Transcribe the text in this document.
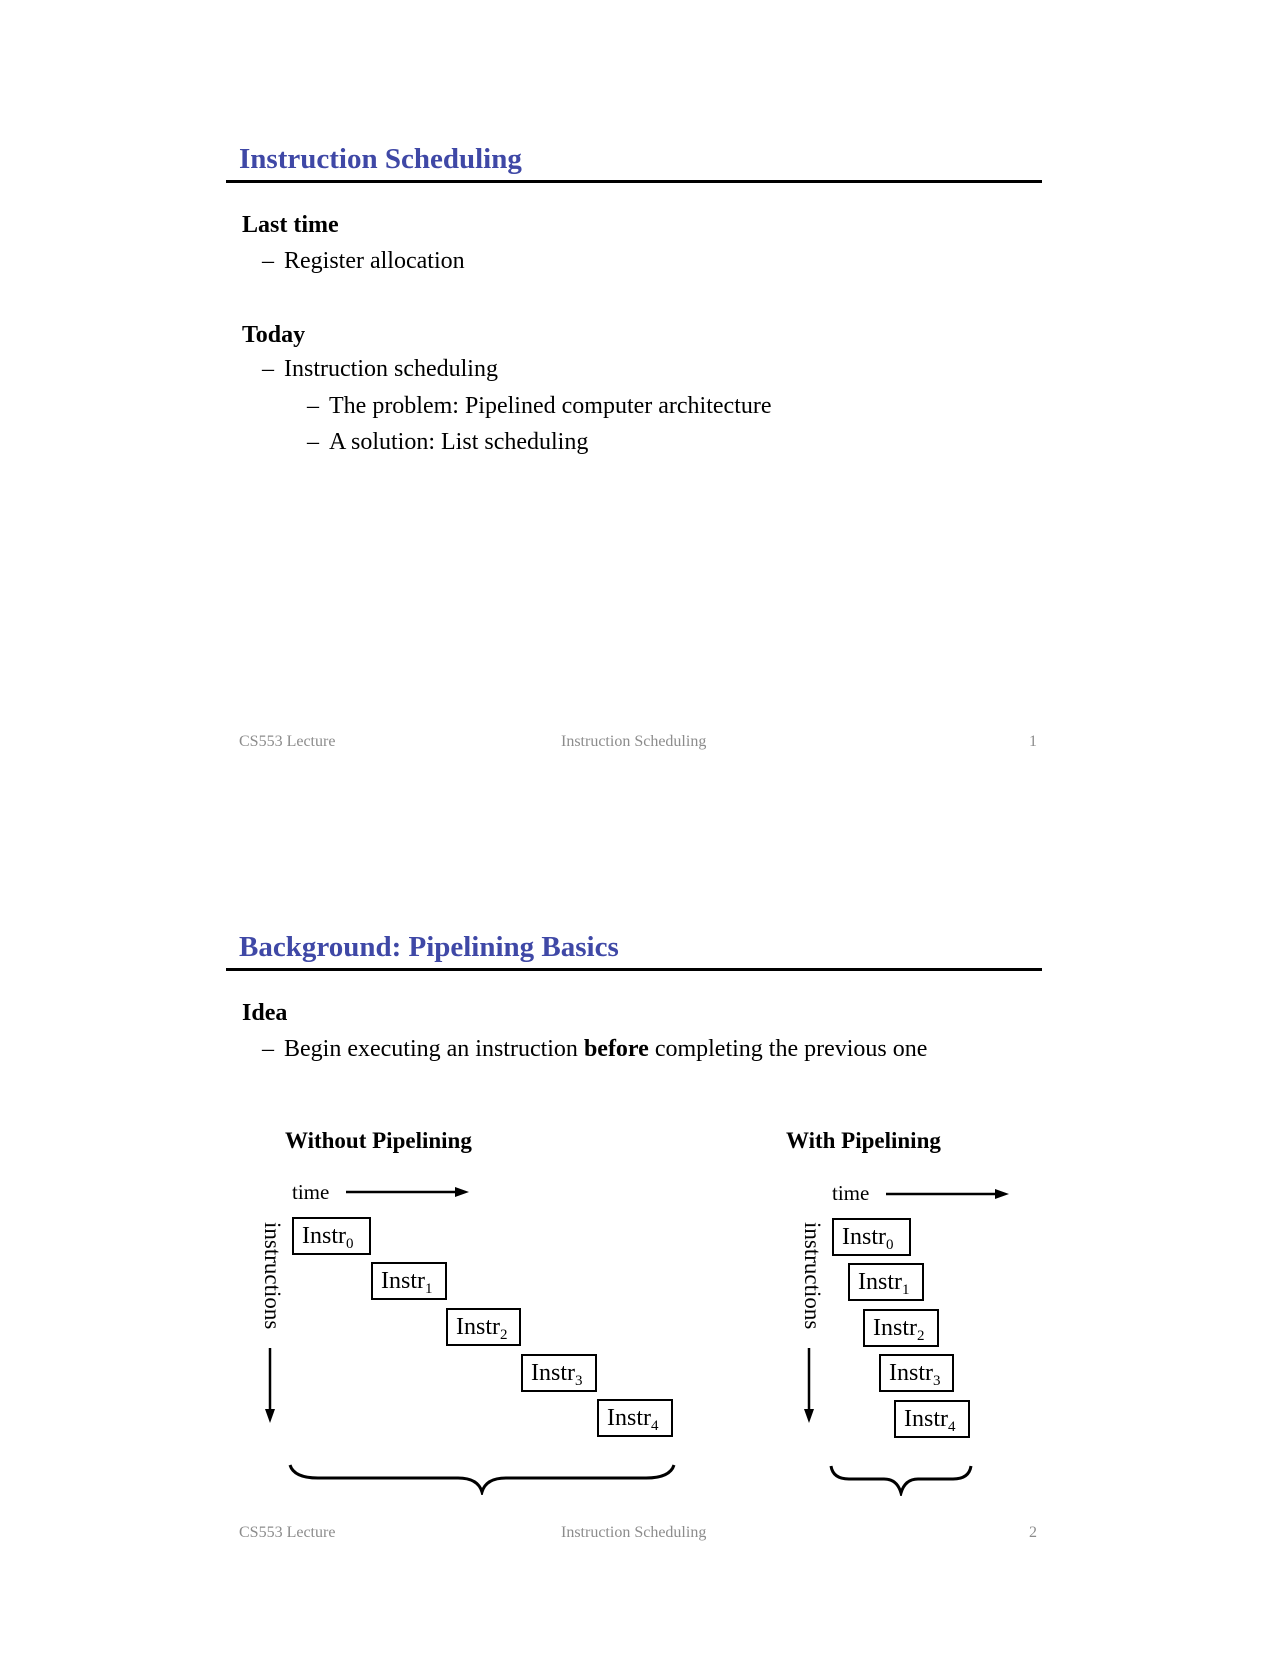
Instruction Scheduling
Last time
– Register allocation
Today
– Instruction scheduling
– The problem: Pipelined computer architecture
– A solution: List scheduling
CS553 Lecture	Instruction Scheduling	1
Background: Pipelining Basics
Idea
– Begin executing an instruction before completing the previous one
Without Pipelining
time
instructions Instr$_0$
Instr$_1$
Instr$_2$
Instr$_3$
Instr$_4$
With Pipelining
time
instructions Instr$_0$
Instr$_1$
Instr$_2$
Instr$_3$
Instr$_4$
CS553 Lecture	Instruction Scheduling	2
